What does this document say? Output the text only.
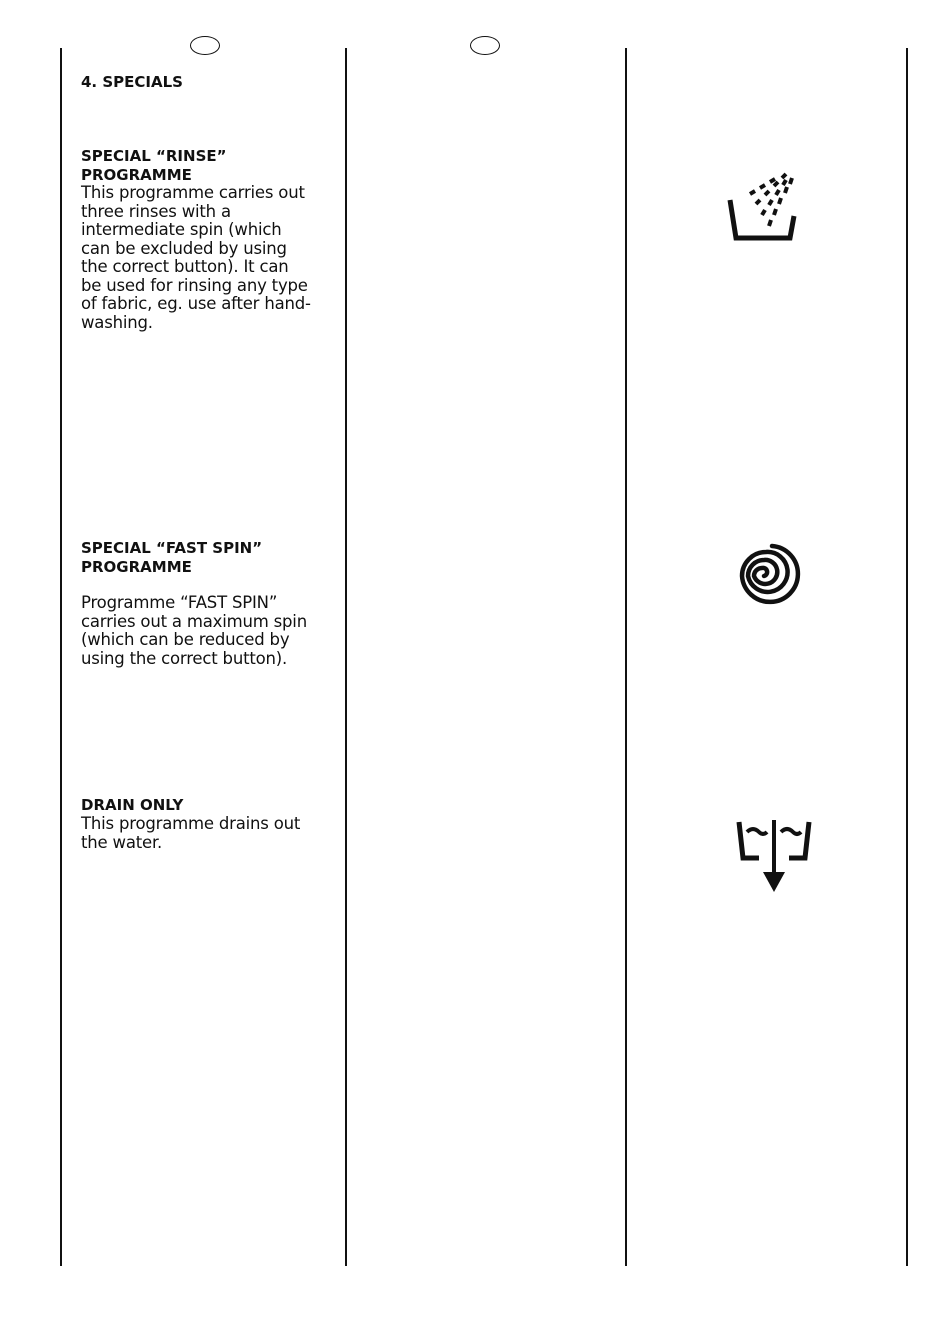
4. SPECIALS

SPECIAL “RINSE”
PROGRAMME

This programme carries out
three rinses with a
intermediate spin (which
can be excluded by using
the correct button). It can
be used for rinsing any type
of fabric, eg. use after hand-
washing.

SPECIAL “FAST SPIN”
PROGRAMME

Programme “FAST SPIN”
carries out a maximum spin
(which can be reduced by
using the correct button).

DRAIN ONLY

This programme drains out
the water.
